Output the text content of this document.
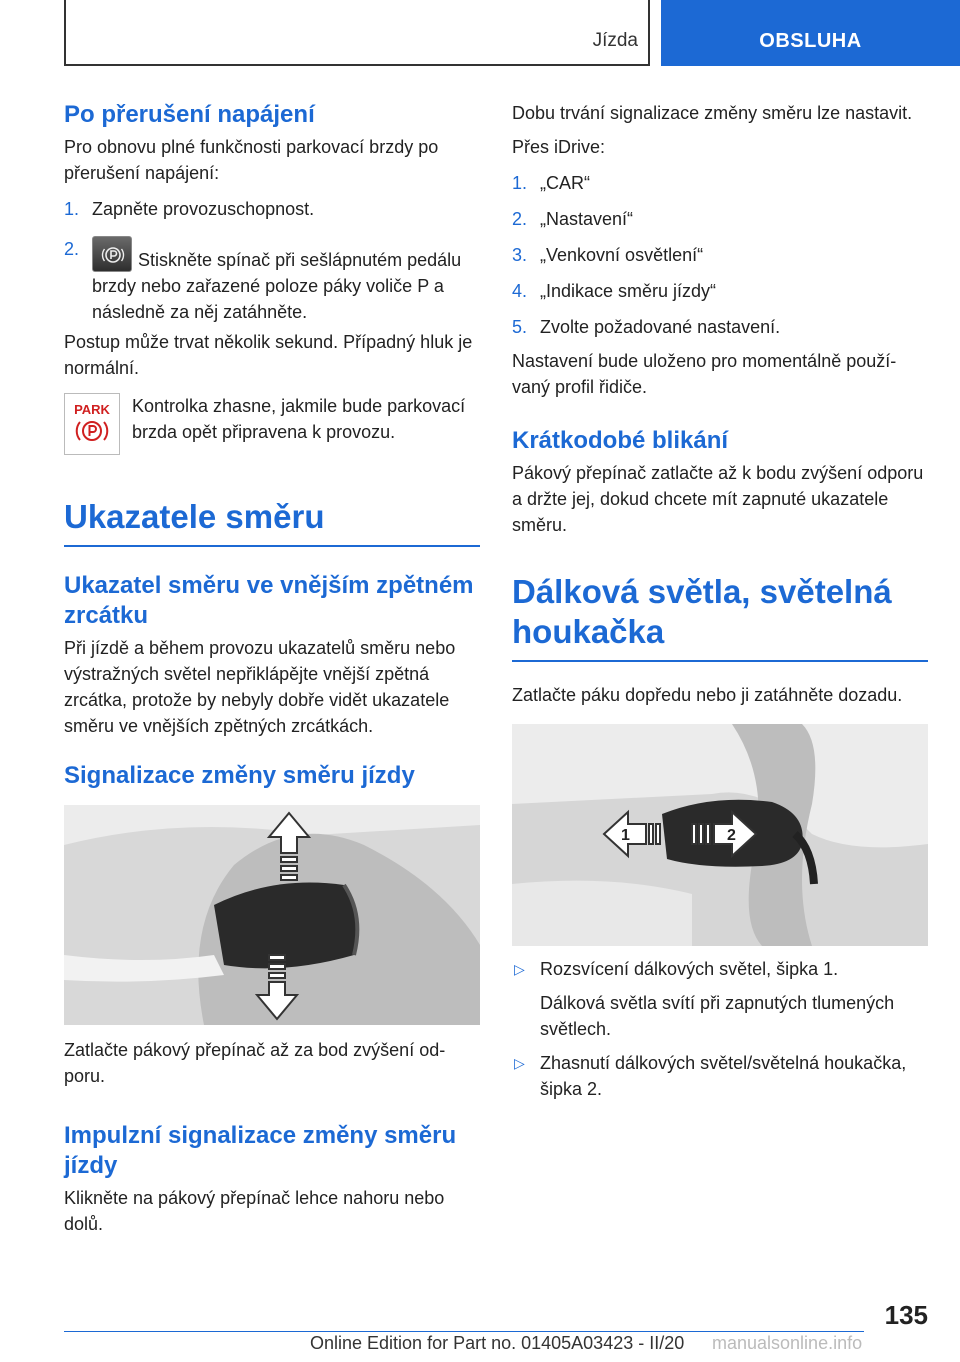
Jízda	OBSLUHA
Po přerušení napájení

Pro obnovu plné funkčnosti parkovací brzdy po přerušení napájení:

1. Zapněte provozuschopnost.
2.
Stiskněte spínač při sešlápnutém pedálu brzdy nebo zařazené poloze páky voliče P a následně za něj zatáhněte.

Postup může trvat několik sekund. Případný hluk je normální.

PARK Kontrolka zhasne, jakmile bude parkovací brzda opět připravena k provozu.

Ukazatele směru
Ukazatel směru ve vnějším zpětném zrcátku

Při jízdě a během provozu ukazatelů směru nebo výstražných světel nepřiklápějte vnější zpětná zrcátka, protože by nebyly dobře vidět ukazatele směru ve vnějších zpětných zrcátkách.

Signalizace změny směru jízdy

Zatlačte pákový přepínač až za bod zvýšení odporu.

Impulzní signalizace změny směru jízdy

Klikněte na pákový přepínač lehce nahoru nebo dolů.

Dobu trvání signalizace změny směru lze nastavit.

Přes iDrive:

1. „CAR“
2. „Nastavení“
3. „Venkovní osvětlení“
4. „Indikace směru jízdy“
5. Zvolte požadované nastavení.

Nastavení bude uloženo pro momentálně používaný profil řidiče.

Krátkodobé blikání

Pákový přepínač zatlačte až k bodu zvýšení odporu a držte jej, dokud chcete mít zapnuté ukazatele směru.

Dálková světla, světelná houkačka

Zatlačte páku dopředu nebo ji zatáhněte dozadu.

1	2
▷ Rozsvícení dálkových světel, šipka 1.

Dálková světla svítí při zapnutých tlumených světlech.

▷ Zhasnutí dálkových světel/světelná houkačka, šipka 2.
135
Online Edition for Part no. 01405A03423 - II/20 manualsonline.info
